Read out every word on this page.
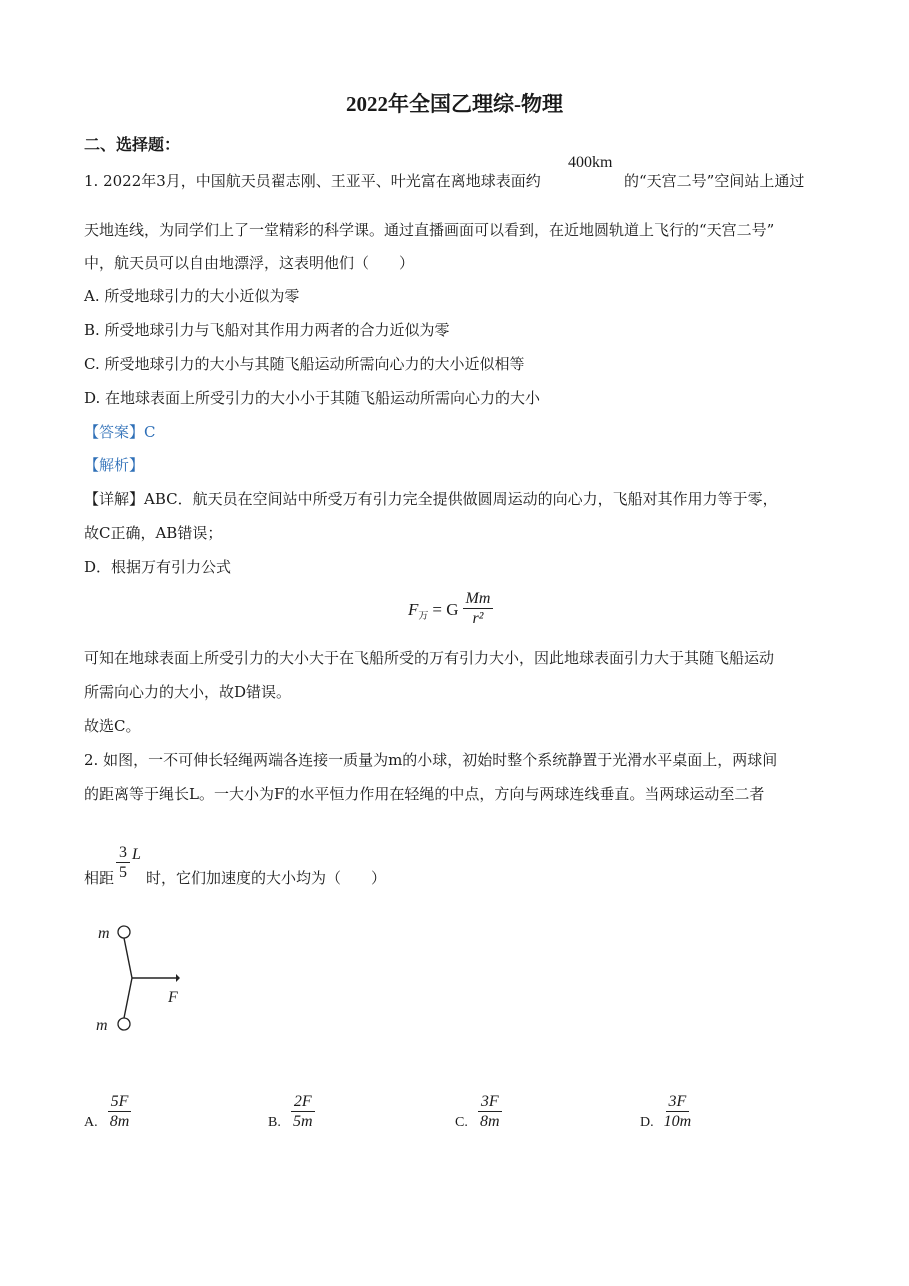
2022年全国乙理综-物理
二、选择题：
1. 2022年3月，中国航天员翟志刚、王亚平、叶光富在离地球表面约
400km
的“天宫二号”空间站上通过
天地连线，为同学们上了一堂精彩的科学课。通过直播画面可以看到，在近地圆轨道上飞行的“天宫二号”
中，航天员可以自由地漂浮，这表明他们（　　）
A. 所受地球引力的大小近似为零
B. 所受地球引力与飞船对其作用力两者的合力近似为零
C. 所受地球引力的大小与其随飞船运动所需向心力的大小近似相等
D. 在地球表面上所受引力的大小小于其随飞船运动所需向心力的大小
【答案】C
【解析】
【详解】ABC．航天员在空间站中所受万有引力完全提供做圆周运动的向心力，飞船对其作用力等于零，
故C正确，AB错误；
D．根据万有引力公式
F 万 = G $\frac{Mm}{\text{r²}}$
可知在地球表面上所受引力的大小大于在飞船所受的万有引力大小，因此地球表面引力大于其随飞船运动
所需向心力的大小，故D错误。
故选C。
2. 如图，一不可伸长轻绳两端各连接一质量为m的小球，初始时整个系统静置于光滑水平桌面上，两球间
的距离等于绳长L。一大小为F的水平恒力作用在轻绳的中点，方向与两球连线垂直。当两球运动至二者
相距 $\frac{3}{5}$ L
时，它们加速度的大小均为（　　）
m
m
F
A. $\frac{5F}{8m}$	B. $\frac{2F}{5m}$	C. $\frac{3F}{8m}$	D. $\frac{3F}{10m}$
